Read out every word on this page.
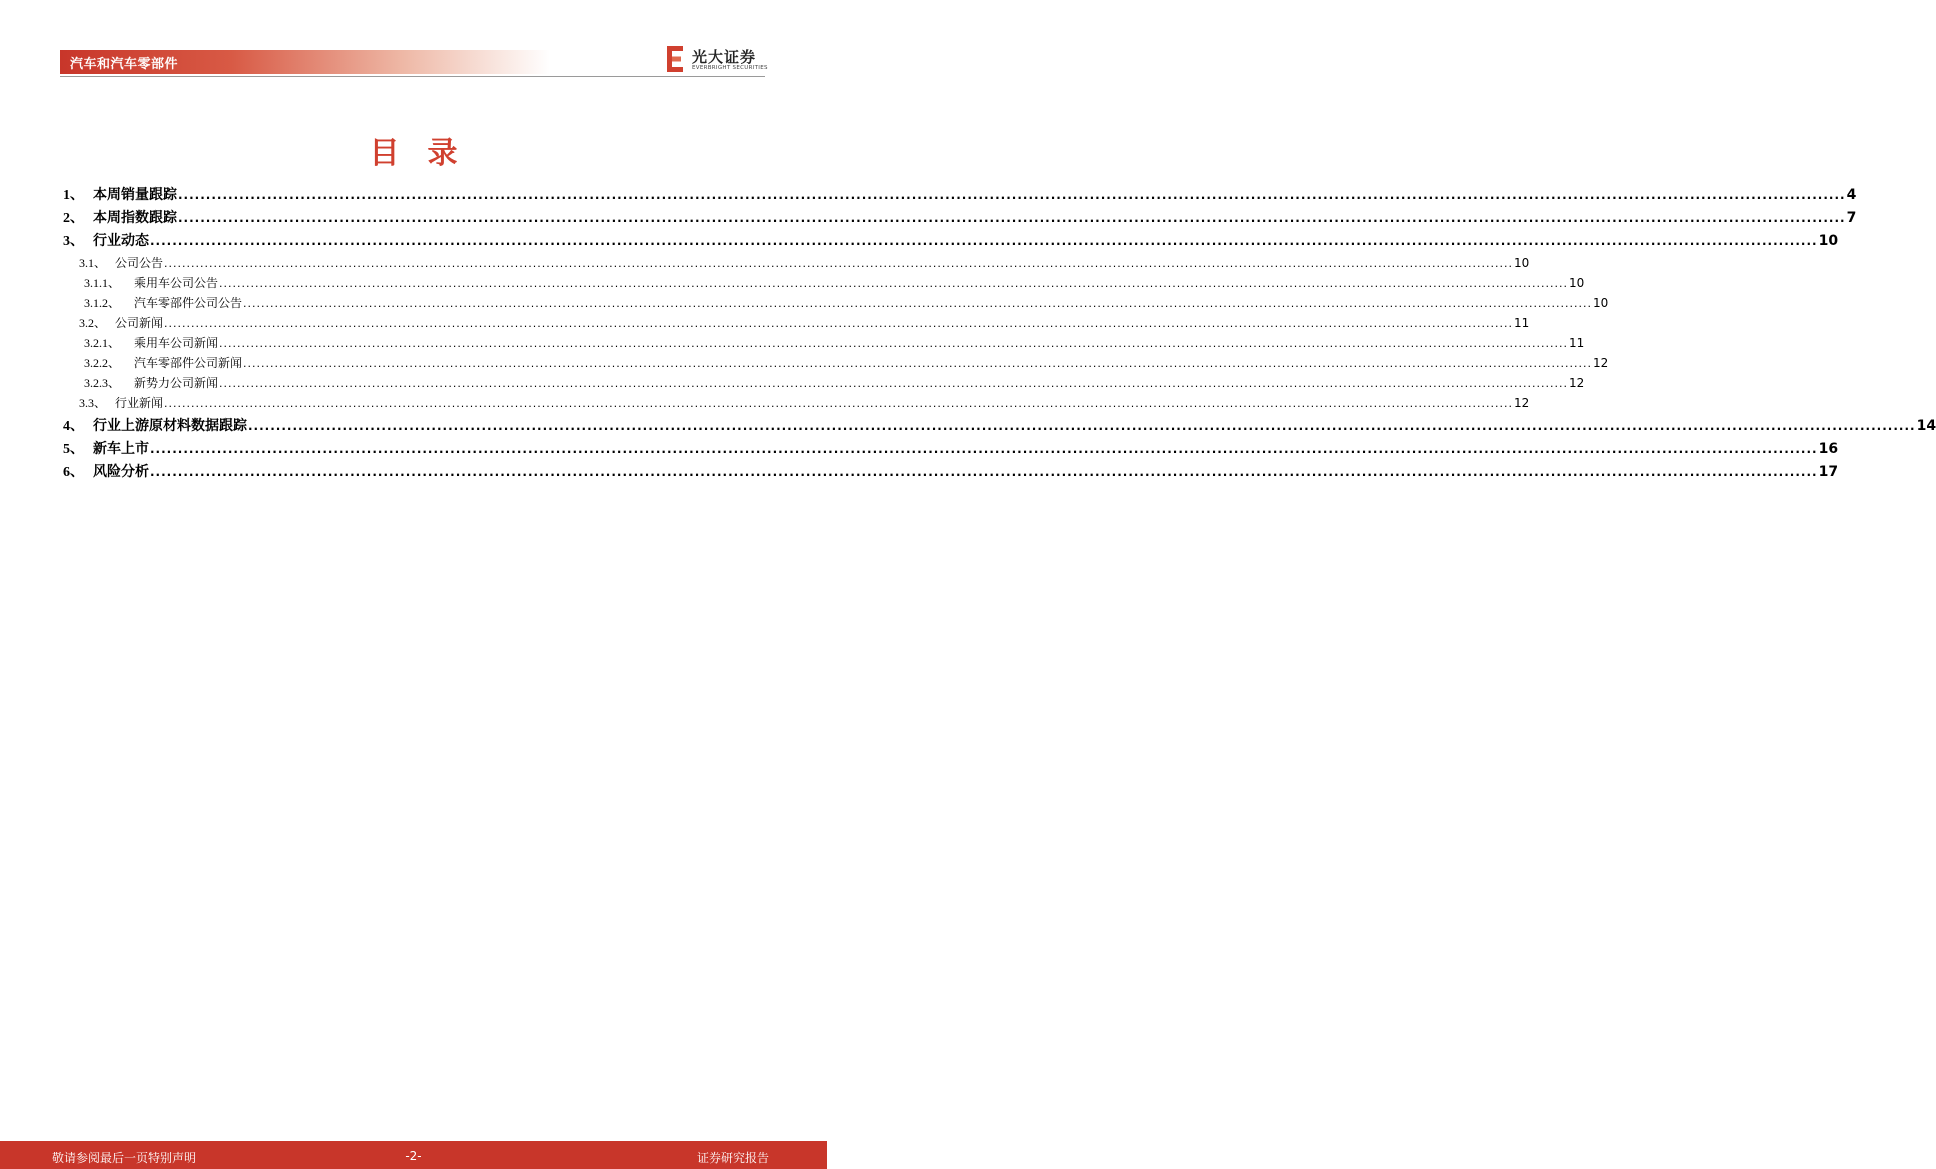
汽车和汽车零部件	光大证券
EVERBRIGHT SECURITIES
目录
1、 本周销量跟踪 ............................................................................................................................................................................................................................................................................................................ 4
2、 本周指数跟踪 ............................................................................................................................................................................................................................................................................................................ 7
3、 行业动态 ............................................................................................................................................................................................................................................................................................................ 10
3.1、 公司公告 ............................................................................................................................................................................................................................................................................................................ 10
3.1.1、	乘用车公司公告 ............................................................................................................................................................................................................................................................................................................ 10
3.1.2、	汽车零部件公司公告 ............................................................................................................................................................................................................................................................................................................ 10
3.2、 公司新闻 ............................................................................................................................................................................................................................................................................................................ 11
3.2.1、	乘用车公司新闻 ............................................................................................................................................................................................................................................................................................................ 11
3.2.2、	汽车零部件公司新闻 ............................................................................................................................................................................................................................................................................................................ 12
3.2.3、	新势力公司新闻 ............................................................................................................................................................................................................................................................................................................ 12
3.3、 行业新闻 ............................................................................................................................................................................................................................................................................................................ 12
4、 行业上游原材料数据跟踪 ............................................................................................................................................................................................................................................................................................................ 14
5、 新车上市 ............................................................................................................................................................................................................................................................................................................ 16
6、 风险分析 ............................................................................................................................................................................................................................................................................................................ 17
敬请参阅最后一页特别声明	-2-	证券研究报告
